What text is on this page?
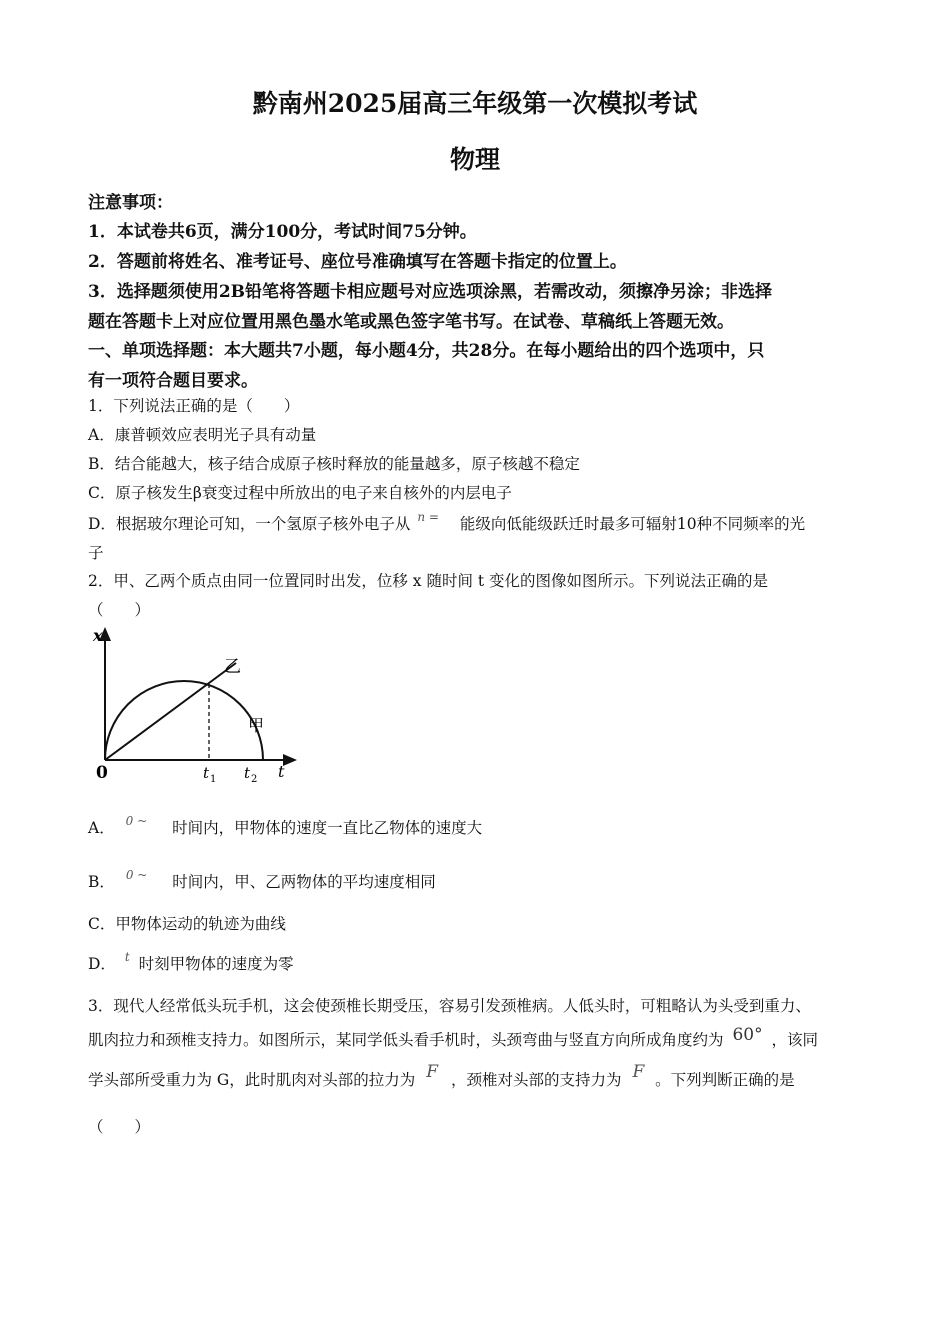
黔南州2025届高三年级第一次模拟考试
物理
注意事项：
1．本试卷共6页，满分100分，考试时间75分钟。
2．答题前将姓名、准考证号、座位号准确填写在答题卡指定的位置上。
3．选择题须使用2B铅笔将答题卡相应题号对应选项涂黑，若需改动，须擦净另涂；非选择
题在答题卡上对应位置用黑色墨水笔或黑色签字笔书写。在试卷、草稿纸上答题无效。
一、单项选择题：本大题共7小题，每小题4分，共28分。在每小题给出的四个选项中，只
有一项符合题目要求。
1．下列说法正确的是（　　）
A．康普顿效应表明光子具有动量
B．结合能越大，核子结合成原子核时释放的能量越多，原子核越不稳定
C．原子核发生β衰变过程中所放出的电子来自核外的内层电子
D．根据玻尔理论可知，一个氢原子核外电子从 n = 能级向低能级跃迁时最多可辐射10种不同频率的光
子
2．甲、乙两个质点由同一位置同时出发，位移 x 随时间 t 变化的图像如图所示。下列说法正确的是
（　　）
x
t
0	t 1 t 2
乙
甲
A． 0 ~ 时间内，甲物体的速度一直比乙物体的速度大
B． 0 ~ 时间内，甲、乙两物体的平均速度相同
C．甲物体运动的轨迹为曲线
D． t 时刻甲物体的速度为零
3．现代人经常低头玩手机，这会使颈椎长期受压，容易引发颈椎病。人低头时，可粗略认为头受到重力、
肌肉拉力和颈椎支持力。如图所示，某同学低头看手机时，头颈弯曲与竖直方向所成角度约为 60° ，该同
学头部所受重力为 G，此时肌肉对头部的拉力为 F ，颈椎对头部的支持力为 F 。下列判断正确的是
（　　）
